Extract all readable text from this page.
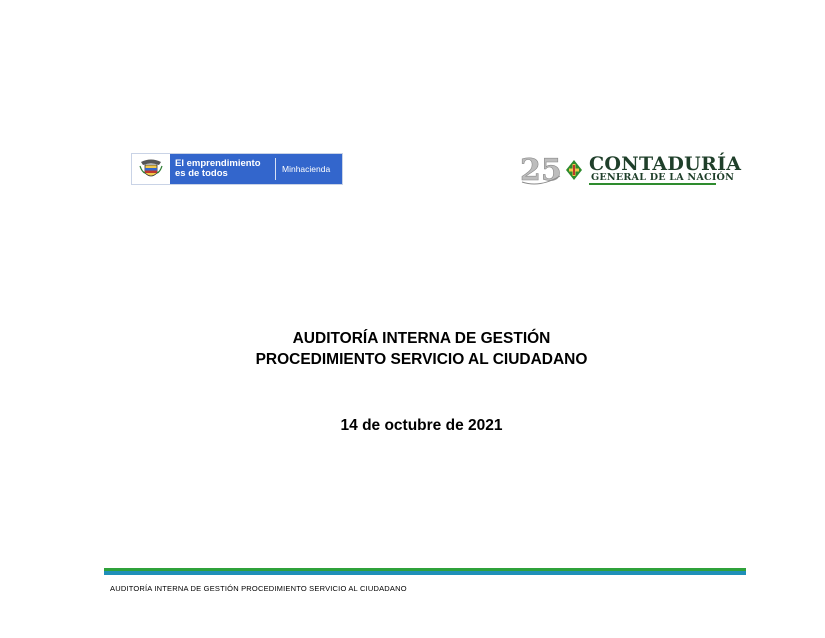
El emprendimiento
es de todos	Minhacienda	25 CONTADURÍA
GENERAL DE LA NACIÓN
AUDITORÍA INTERNA DE GESTIÓN
PROCEDIMIENTO SERVICIO AL CIUDADANO
14 de octubre de 2021
AUDITORÍA INTERNA DE GESTIÓN PROCEDIMIENTO SERVICIO AL CIUDADANO
